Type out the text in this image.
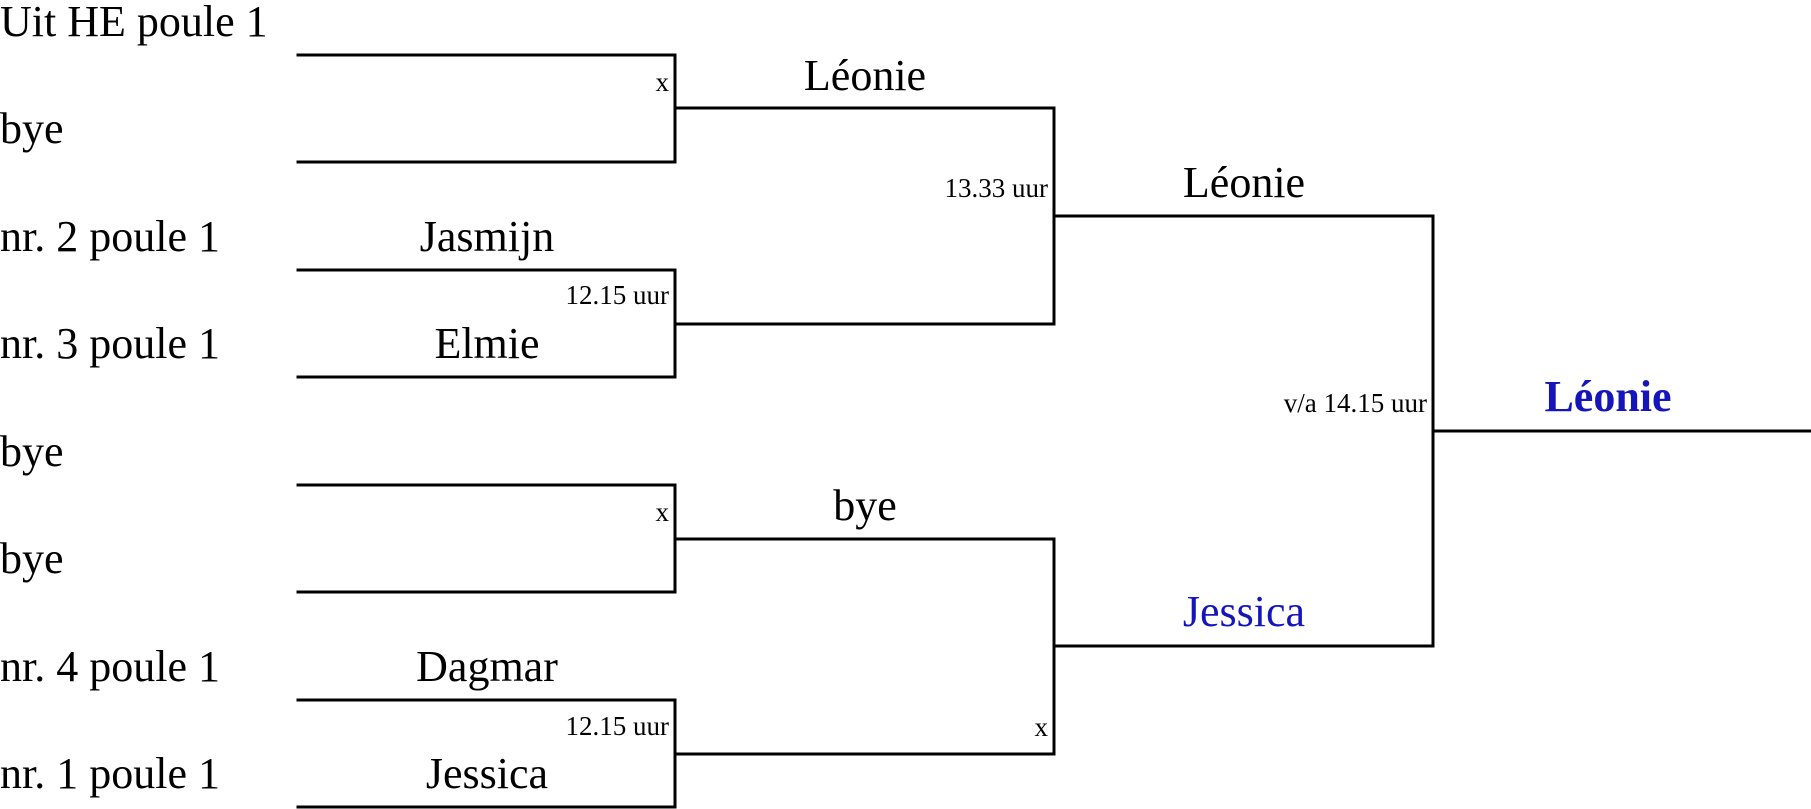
Uit HE poule 1
bye
nr. 2 poule 1
nr. 3 poule 1
bye
bye
nr. 4 poule 1
nr. 1 poule 1
Jasmijn
Elmie
Dagmar
Jessica
x
12.15 uur
x
12.15 uur
Léonie
bye
13.33 uur
x
Léonie
Jessica
v/a 14.15 uur	Léonie
